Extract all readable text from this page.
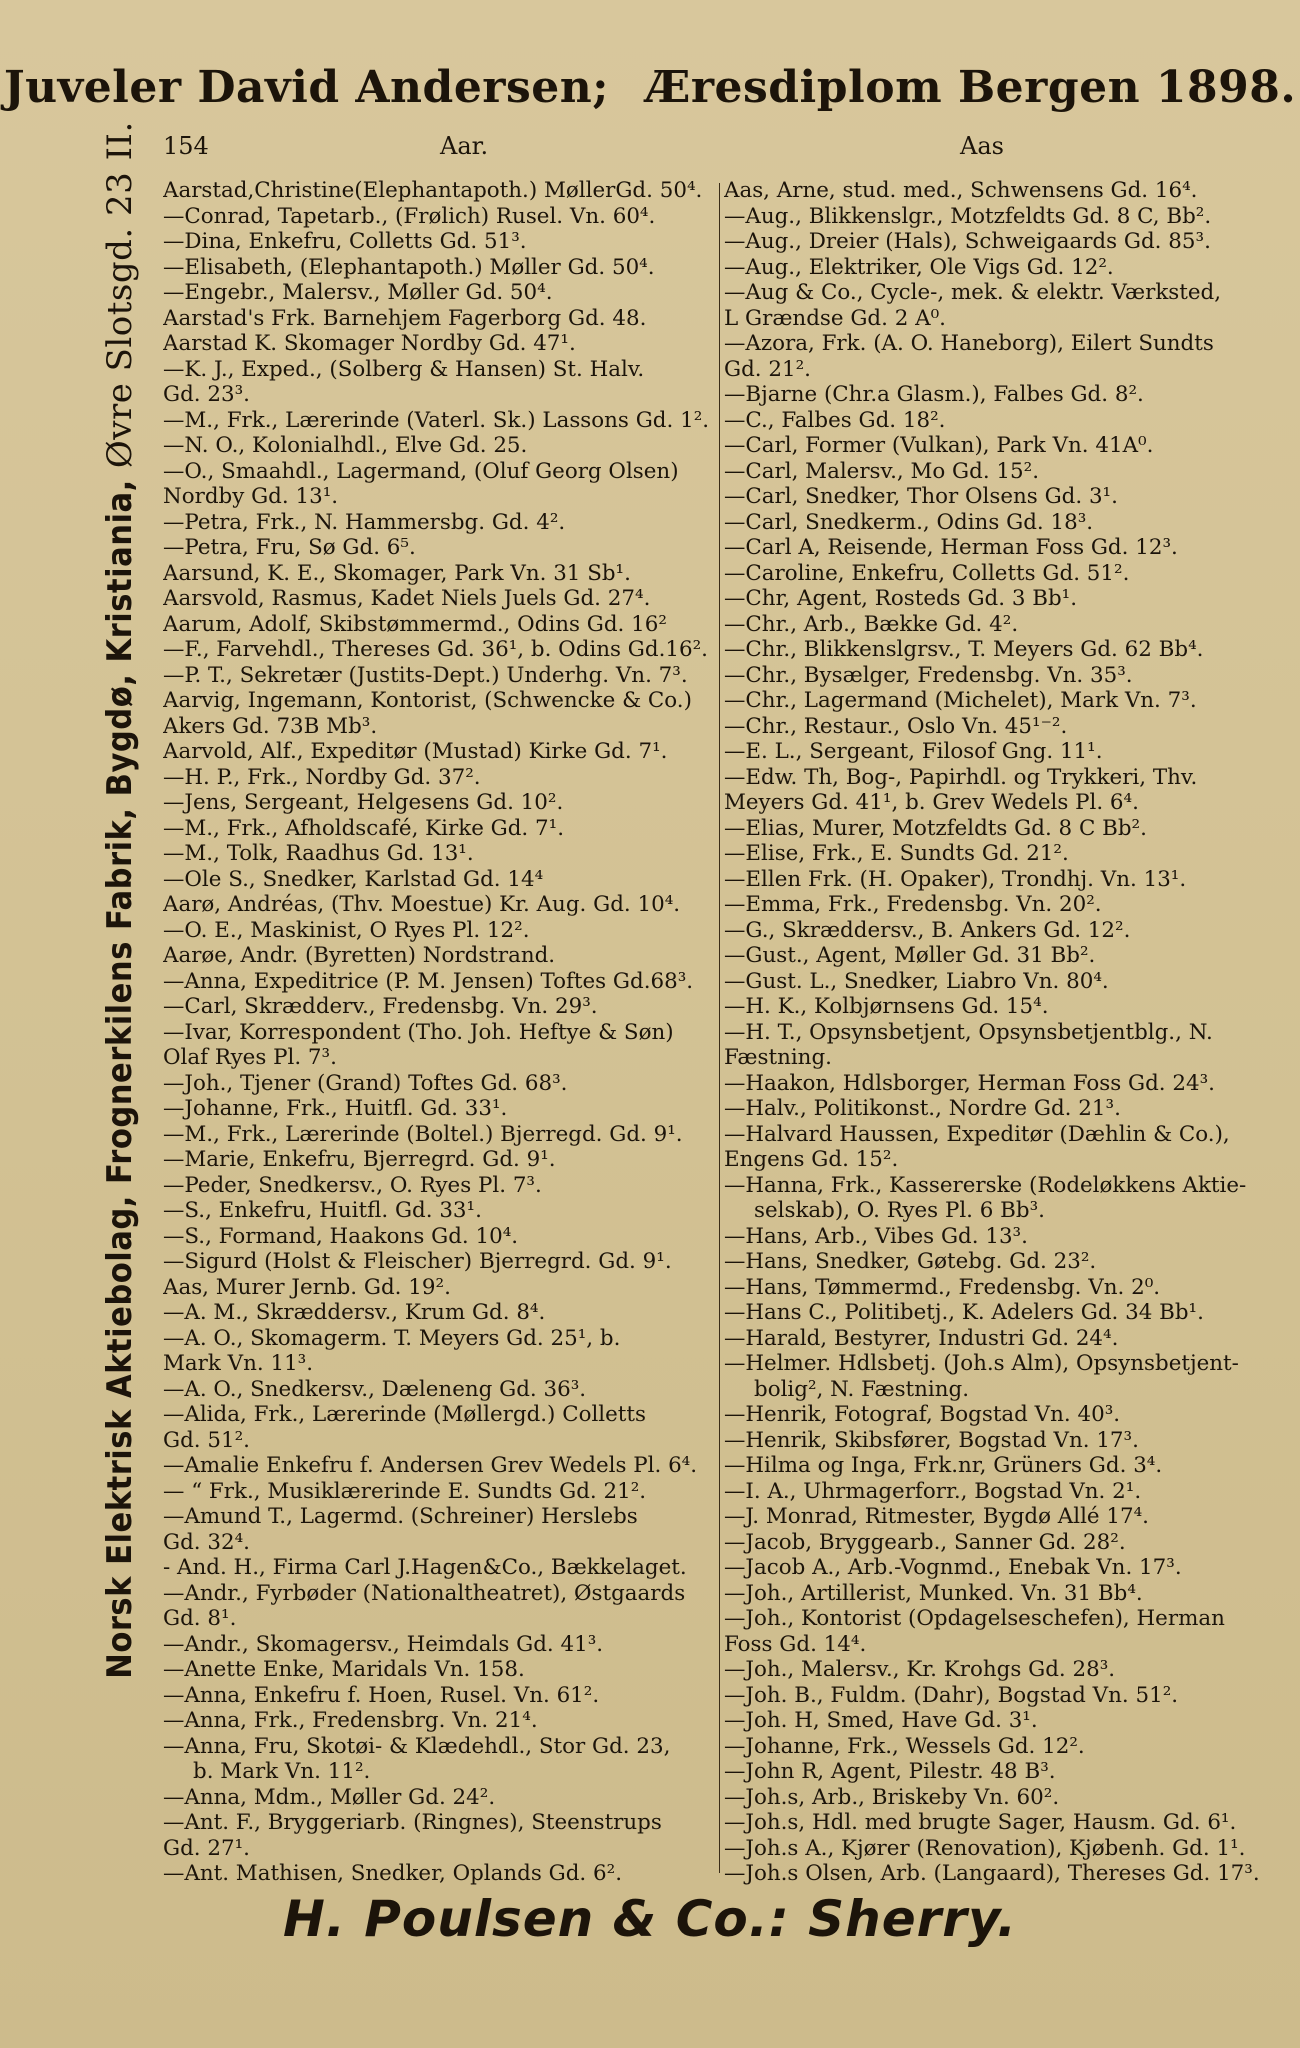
Juveler David Andersen; Æresdiplom Bergen 1898.
154	Aar.	Aas
Norsk Elektrisk Aktiebolag, Frognerkilens Fabrik, Bygdø, Kristiania, Øvre Slotsgd. 23 II. Aarstad,Christine(Elephantapoth.) MøllerGd. 50⁴.
—Conrad, Tapetarb., (Frølich) Rusel. Vn. 60⁴.
—Dina, Enkefru, Colletts Gd. 51³.
—Elisabeth, (Elephantapoth.) Møller Gd. 50⁴.
—Engebr., Malersv., Møller Gd. 50⁴.
Aarstad's Frk. Barnehjem Fagerborg Gd. 48.
Aarstad K. Skomager Nordby Gd. 47¹.
—K. J., Exped., (Solberg & Hansen) St. Halv.
Gd. 23³.
—M., Frk., Lærerinde (Vaterl. Sk.) Lassons Gd. 1².
—N. O., Kolonialhdl., Elve Gd. 25.
—O., Smaahdl., Lagermand, (Oluf Georg Olsen)
Nordby Gd. 13¹.
—Petra, Frk., N. Hammersbg. Gd. 4².
—Petra, Fru, Sø Gd. 6⁵.
Aarsund, K. E., Skomager, Park Vn. 31 Sb¹.
Aarsvold, Rasmus, Kadet Niels Juels Gd. 27⁴.
Aarum, Adolf, Skibstømmermd., Odins Gd. 16²
—F., Farvehdl., Thereses Gd. 36¹, b. Odins Gd.16².
—P. T., Sekretær (Justits-Dept.) Underhg. Vn. 7³.
Aarvig, Ingemann, Kontorist, (Schwencke & Co.)
Akers Gd. 73B Mb³.
Aarvold, Alf., Expeditør (Mustad) Kirke Gd. 7¹.
—H. P., Frk., Nordby Gd. 37².
—Jens, Sergeant, Helgesens Gd. 10².
—M., Frk., Afholdscafé, Kirke Gd. 7¹.
—M., Tolk, Raadhus Gd. 13¹.
—Ole S., Snedker, Karlstad Gd. 14⁴
Aarø, Andréas, (Thv. Moestue) Kr. Aug. Gd. 10⁴.
—O. E., Maskinist, O Ryes Pl. 12².
Aarøe, Andr. (Byretten) Nordstrand.
—Anna, Expeditrice (P. M. Jensen) Toftes Gd.68³.
—Carl, Skrædderv., Fredensbg. Vn. 29³.
—Ivar, Korrespondent (Tho. Joh. Heftye & Søn)
Olaf Ryes Pl. 7³.
—Joh., Tjener (Grand) Toftes Gd. 68³.
—Johanne, Frk., Huitfl. Gd. 33¹.
—M., Frk., Lærerinde (Boltel.) Bjerregd. Gd. 9¹.
—Marie, Enkefru, Bjerregrd. Gd. 9¹.
—Peder, Snedkersv., O. Ryes Pl. 7³.
—S., Enkefru, Huitfl. Gd. 33¹.
—S., Formand, Haakons Gd. 10⁴.
—Sigurd (Holst & Fleischer) Bjerregrd. Gd. 9¹.
Aas, Murer Jernb. Gd. 19².
—A. M., Skræddersv., Krum Gd. 8⁴.
—A. O., Skomagerm. T. Meyers Gd. 25¹, b.
Mark Vn. 11³.
—A. O., Snedkersv., Dæleneng Gd. 36³.
—Alida, Frk., Lærerinde (Møllergd.) Colletts
Gd. 51².
—Amalie Enkefru f. Andersen Grev Wedels Pl. 6⁴.
— “ Frk., Musiklærerinde E. Sundts Gd. 21².
—Amund T., Lagermd. (Schreiner) Herslebs
Gd. 32⁴.
- And. H., Firma Carl J.Hagen&Co., Bækkelaget.
—Andr., Fyrbøder (Nationaltheatret), Østgaards
Gd. 8¹.
—Andr., Skomagersv., Heimdals Gd. 41³.
—Anette Enke, Maridals Vn. 158.
—Anna, Enkefru f. Hoen, Rusel. Vn. 61².
—Anna, Frk., Fredensbrg. Vn. 21⁴.
—Anna, Fru, Skotøi- & Klædehdl., Stor Gd. 23,
b. Mark Vn. 11².
—Anna, Mdm., Møller Gd. 24².
—Ant. F., Bryggeriarb. (Ringnes), Steenstrups
Gd. 27¹.
—Ant. Mathisen, Snedker, Oplands Gd. 6².
Aas, Arne, stud. med., Schwensens Gd. 16⁴.
—Aug., Blikkenslgr., Motzfeldts Gd. 8 C, Bb².
—Aug., Dreier (Hals), Schweigaards Gd. 85³.
—Aug., Elektriker, Ole Vigs Gd. 12².
—Aug & Co., Cycle-, mek. & elektr. Værksted,
L Grændse Gd. 2 A⁰.
—Azora, Frk. (A. O. Haneborg), Eilert Sundts
Gd. 21².
—Bjarne (Chr.a Glasm.), Falbes Gd. 8².
—C., Falbes Gd. 18².
—Carl, Former (Vulkan), Park Vn. 41A⁰.
—Carl, Malersv., Mo Gd. 15².
—Carl, Snedker, Thor Olsens Gd. 3¹.
—Carl, Snedkerm., Odins Gd. 18³.
—Carl A, Reisende, Herman Foss Gd. 12³.
—Caroline, Enkefru, Colletts Gd. 51².
—Chr, Agent, Rosteds Gd. 3 Bb¹.
—Chr., Arb., Bække Gd. 4².
—Chr., Blikkenslgrsv., T. Meyers Gd. 62 Bb⁴.
—Chr., Bysælger, Fredensbg. Vn. 35³.
—Chr., Lagermand (Michelet), Mark Vn. 7³.
—Chr., Restaur., Oslo Vn. 45¹⁻².
—E. L., Sergeant, Filosof Gng. 11¹.
—Edw. Th, Bog-, Papirhdl. og Trykkeri, Thv.
Meyers Gd. 41¹, b. Grev Wedels Pl. 6⁴.
—Elias, Murer, Motzfeldts Gd. 8 C Bb².
—Elise, Frk., E. Sundts Gd. 21².
—Ellen Frk. (H. Opaker), Trondhj. Vn. 13¹.
—Emma, Frk., Fredensbg. Vn. 20².
—G., Skræddersv., B. Ankers Gd. 12².
—Gust., Agent, Møller Gd. 31 Bb².
—Gust. L., Snedker, Liabro Vn. 80⁴.
—H. K., Kolbjørnsens Gd. 15⁴.
—H. T., Opsynsbetjent, Opsynsbetjentblg., N.
Fæstning.
—Haakon, Hdlsborger, Herman Foss Gd. 24³.
—Halv., Politikonst., Nordre Gd. 21³.
—Halvard Haussen, Expeditør (Dæhlin & Co.),
Engens Gd. 15².
—Hanna, Frk., Kassererske (Rodeløkkens Aktie-
selskab), O. Ryes Pl. 6 Bb³.
—Hans, Arb., Vibes Gd. 13³.
—Hans, Snedker, Gøtebg. Gd. 23².
—Hans, Tømmermd., Fredensbg. Vn. 2⁰.
—Hans C., Politibetj., K. Adelers Gd. 34 Bb¹.
—Harald, Bestyrer, Industri Gd. 24⁴.
—Helmer. Hdlsbetj. (Joh.s Alm), Opsynsbetjent-
bolig², N. Fæstning.
—Henrik, Fotograf, Bogstad Vn. 40³.
—Henrik, Skibsfører, Bogstad Vn. 17³.
—Hilma og Inga, Frk.nr, Grüners Gd. 3⁴.
—I. A., Uhrmagerforr., Bogstad Vn. 2¹.
—J. Monrad, Ritmester, Bygdø Allé 17⁴.
—Jacob, Bryggearb., Sanner Gd. 28².
—Jacob A., Arb.-Vognmd., Enebak Vn. 17³.
—Joh., Artillerist, Munked. Vn. 31 Bb⁴.
—Joh., Kontorist (Opdagelseschefen), Herman
Foss Gd. 14⁴.
—Joh., Malersv., Kr. Krohgs Gd. 28³.
—Joh. B., Fuldm. (Dahr), Bogstad Vn. 51².
—Joh. H, Smed, Have Gd. 3¹.
—Johanne, Frk., Wessels Gd. 12².
—John R, Agent, Pilestr. 48 B³.
—Joh.s, Arb., Briskeby Vn. 60².
—Joh.s, Hdl. med brugte Sager, Hausm. Gd. 6¹.
—Joh.s A., Kjører (Renovation), Kjøbenh. Gd. 1¹.
—Joh.s Olsen, Arb. (Langaard), Thereses Gd. 17³.
H. Poulsen & Co.: Sherry.
